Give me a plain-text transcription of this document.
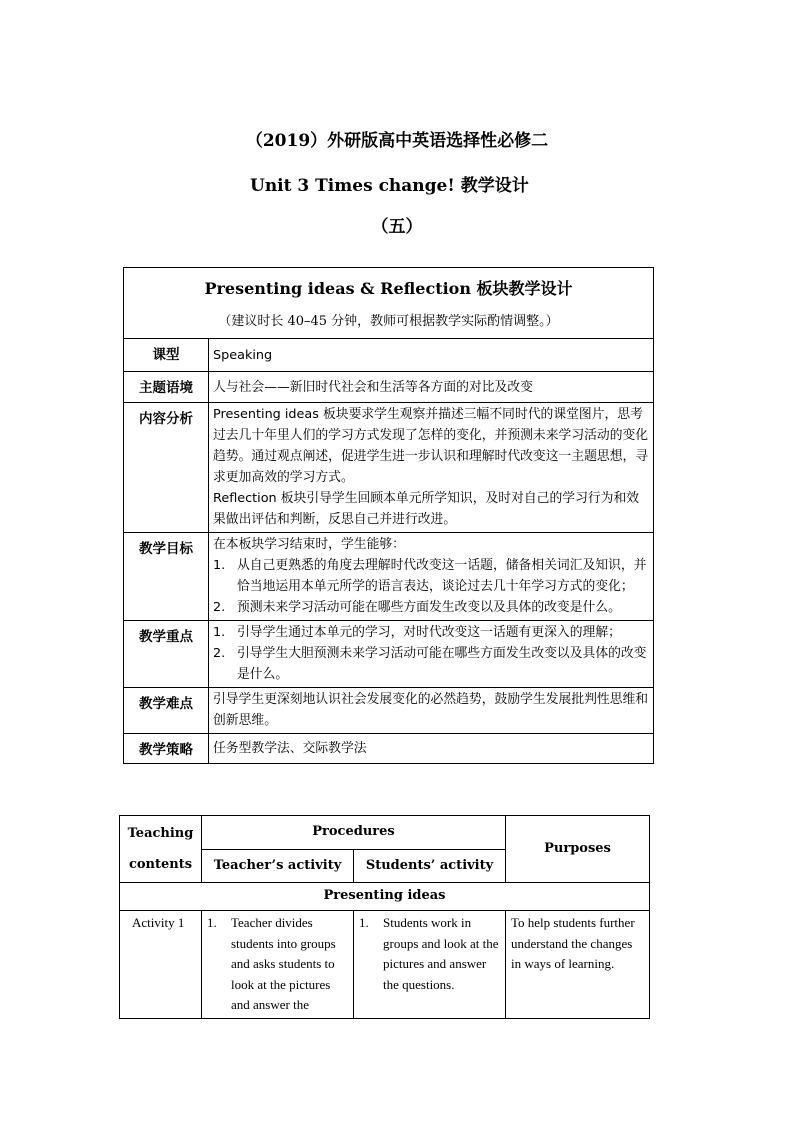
（2019）外研版高中英语选择性必修二
Unit 3 Times change! 教学设计
（五）
Presenting ideas & Reflection 板块教学设计
（建议时长 40–45 分钟，教师可根据教学实际酌情调整。）	

课型	Speaking
主题语境	人与社会——新旧时代社会和生活等各方面的对比及改变
内容分析	Presenting ideas 板块要求学生观察并描述三幅不同时代的课堂图片，思考过去几十年里人们的学习方式发现了怎样的变化，并预测未来学习活动的变化趋势。通过观点阐述，促进学生进一步认识和理解时代改变这一主题思想，寻求更加高效的学习方式。
Reflection 板块引导学生回顾本单元所学知识，及时对自己的学习行为和效果做出评估和判断，反思自己并进行改进。

教学目标	在本板块学习结束时，学生能够：
1. 从自己更熟悉的角度去理解时代改变这一话题，储备相关词汇及知识，并恰当地运用本单元所学的语言表达，谈论过去几十年学习方式的变化；
2. 预测未来学习活动可能在哪些方面发生改变以及具体的改变是什么。

教学重点	1. 引导学生通过本单元的学习，对时代改变这一话题有更深入的理解；
2. 引导学生大胆预测未来学习活动可能在哪些方面发生改变以及具体的改变是什么。

教学难点	引导学生更深刻地认识社会发展变化的必然趋势，鼓励学生发展批判性思维和创新思维。
教学策略	任务型教学法、交际教学法
Teaching
contents	Procedures		Purposes
	Teacher’s activity	Students’ activity	
Presenting ideas			
Activity 1	1. Teacher divides students into groups and asks students to look at the pictures and answer the	1. Students work in groups and look at the pictures and answer the questions.	To help students further understand the changes in ways of learning.
